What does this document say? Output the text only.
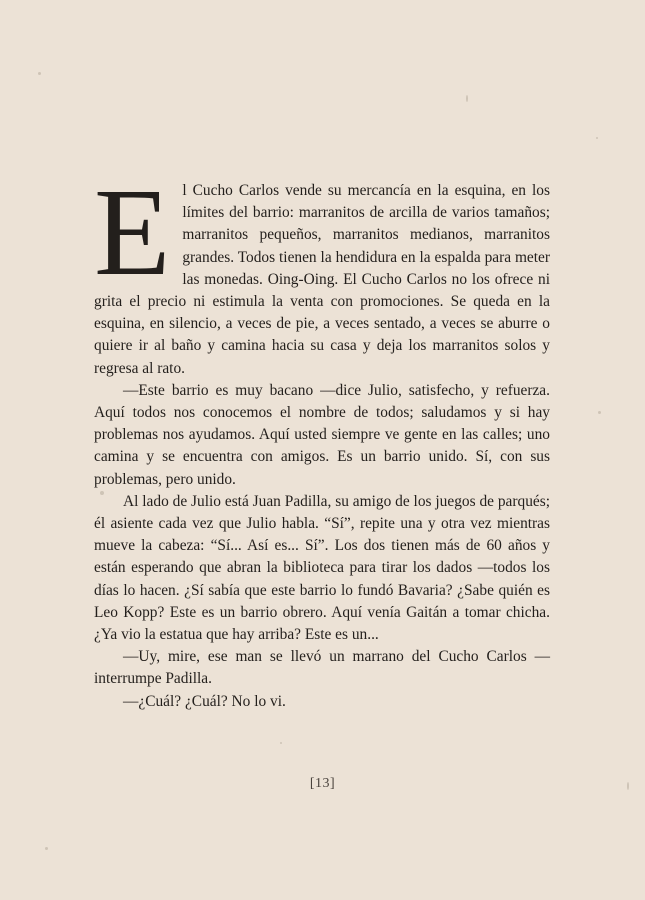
El Cucho Carlos vende su mercancía en la esquina, en los límites del barrio: marranitos de arcilla de varios tamaños; marranitos pequeños, marranitos medianos, marranitos grandes. Todos tienen la hendidura en la espalda para meter las monedas. Oing-Oing. El Cucho Carlos no los ofrece ni grita el precio ni estimula la venta con promociones. Se queda en la esquina, en silencio, a veces de pie, a veces sentado, a veces se aburre o quiere ir al baño y camina hacia su casa y deja los marranitos solos y regresa al rato.

—Este barrio es muy bacano —dice Julio, satisfecho, y refuerza. Aquí todos nos conocemos el nombre de todos; saludamos y si hay problemas nos ayudamos. Aquí usted siempre ve gente en las calles; uno camina y se encuentra con amigos. Es un barrio unido. Sí, con sus problemas, pero unido.

Al lado de Julio está Juan Padilla, su amigo de los juegos de parqués; él asiente cada vez que Julio habla. “Sí”, repite una y otra vez mientras mueve la cabeza: “Sí... Así es... Sí”. Los dos tienen más de 60 años y están esperando que abran la biblioteca para tirar los dados —todos los días lo hacen. ¿Sí sabía que este barrio lo fundó Bavaria? ¿Sabe quién es Leo Kopp? Este es un barrio obrero. Aquí venía Gaitán a tomar chicha. ¿Ya vio la estatua que hay arriba? Este es un...

—Uy, mire, ese man se llevó un marrano del Cucho Carlos —interrumpe Padilla.

—¿Cuál? ¿Cuál? No lo vi.

[13]
